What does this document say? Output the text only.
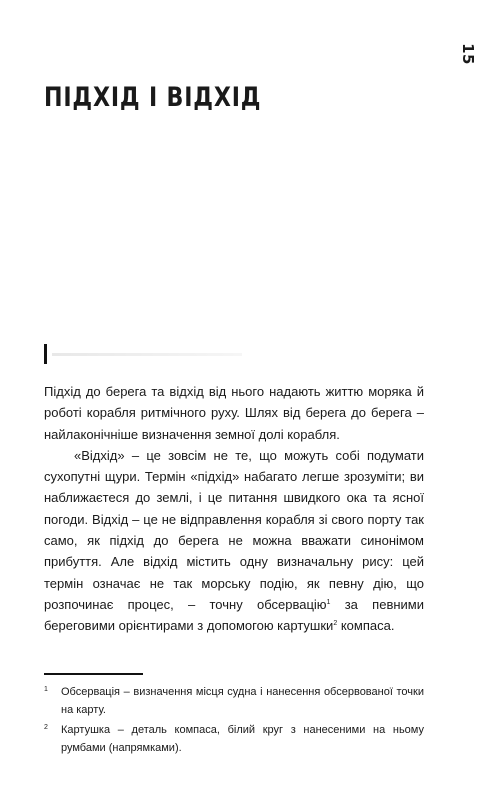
15
ПІДХІД І ВІДХІД

Підхід до берега та відхід від нього надають життю моряка й роботі корабля ритмічного руху. Шлях від берега до берега – найлаконічніше визначення земної долі корабля.

«Відхід» – це зовсім не те, що можуть собі подумати сухопутні щури. Термін «підхід» набагато легше зрозуміти; ви наближаєтеся до землі, і це питання швидкого ока та ясної погоди. Відхід – це не відправлення корабля зі свого порту так само, як підхід до берега не можна вважати синонімом прибуття. Але відхід містить одну визначальну рису: цей термін означає не так морську подію, як певну дію, що розпочинає процес, – точну обсервацію$^1$ за певними береговими орієнтирами з допомогою картушки$^2$ компаса.

1	Обсервація – визначення місця судна і нанесення обсервованої точки на карту.
2	Картушка – деталь компаса, білий круг з нанесеними на ньому румбами (напрямками).
